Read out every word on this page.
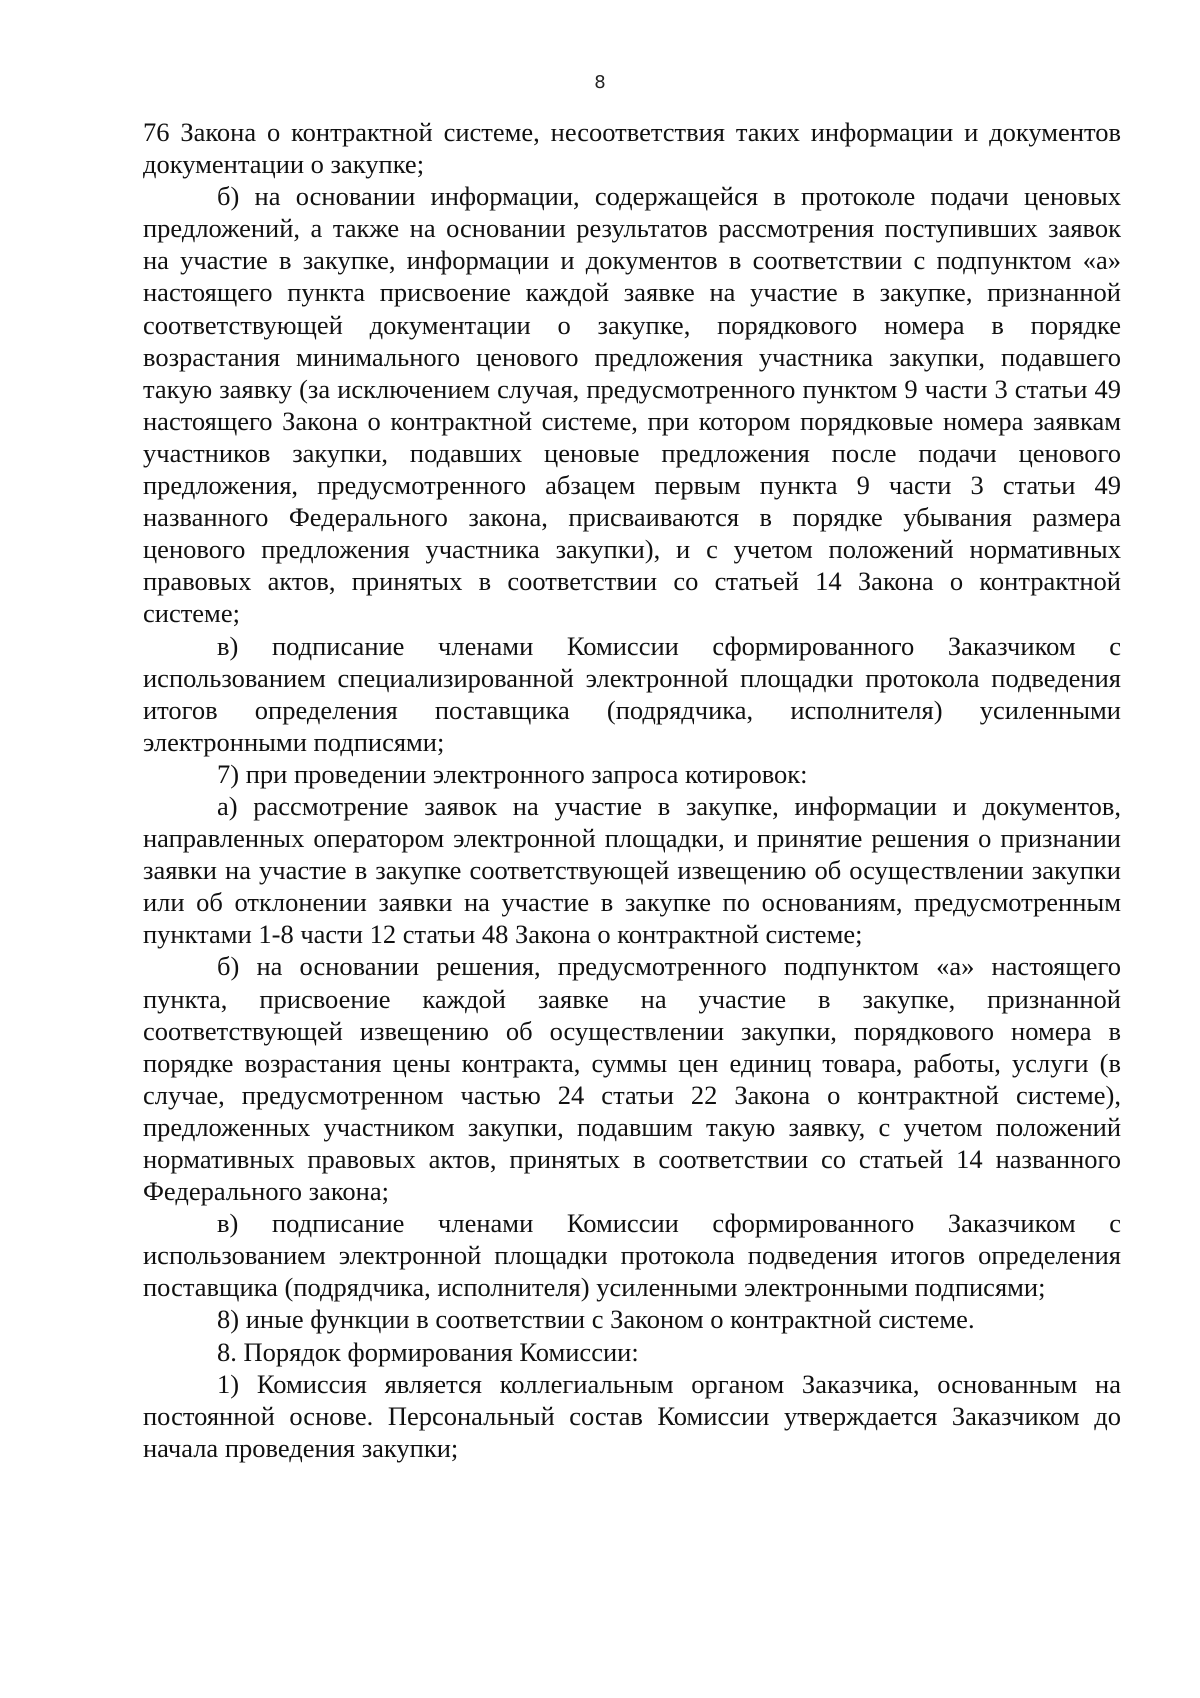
8

76 Закона о контрактной системе, несоответствия таких информации и документов документации о закупке;

б) на основании информации, содержащейся в протоколе подачи ценовых предложений, а также на основании результатов рассмотрения поступивших заявок на участие в закупке, информации и документов в соответствии с подпунктом «а» настоящего пункта присвоение каждой заявке на участие в закупке, признанной соответствующей документации о закупке, порядкового номера в порядке возрастания минимального ценового предложения участника закупки, подавшего такую заявку (за исключением случая, предусмотренного пунктом 9 части 3 статьи 49 настоящего Закона о контрактной системе, при котором порядковые номера заявкам участников закупки, подавших ценовые предложения после подачи ценового предложения, предусмотренного абзацем первым пункта 9 части 3 статьи 49 названного Федерального закона, присваиваются в порядке убывания размера ценового предложения участника закупки), и с учетом положений нормативных правовых актов, принятых в соответствии со статьей 14 Закона о контрактной системе;

в) подписание членами Комиссии сформированного Заказчиком с использованием специализированной электронной площадки протокола подведения итогов определения поставщика (подрядчика, исполнителя) усиленными электронными подписями;

7) при проведении электронного запроса котировок:

а) рассмотрение заявок на участие в закупке, информации и документов, направленных оператором электронной площадки, и принятие решения о признании заявки на участие в закупке соответствующей извещению об осуществлении закупки или об отклонении заявки на участие в закупке по основаниям, предусмотренным пунктами 1-8 части 12 статьи 48 Закона о контрактной системе;

б) на основании решения, предусмотренного подпунктом «а» настоящего пункта, присвоение каждой заявке на участие в закупке, признанной соответствующей извещению об осуществлении закупки, порядкового номера в порядке возрастания цены контракта, суммы цен единиц товара, работы, услуги (в случае, предусмотренном частью 24 статьи 22 Закона о контрактной системе), предложенных участником закупки, подавшим такую заявку, с учетом положений нормативных правовых актов, принятых в соответствии со статьей 14 названного Федерального закона;

в) подписание членами Комиссии сформированного Заказчиком с использованием электронной площадки протокола подведения итогов определения поставщика (подрядчика, исполнителя) усиленными электронными подписями;

8) иные функции в соответствии с Законом о контрактной системе.

8. Порядок формирования Комиссии:

1) Комиссия является коллегиальным органом Заказчика, основанным на постоянной основе. Персональный состав Комиссии утверждается Заказчиком до начала проведения закупки;
